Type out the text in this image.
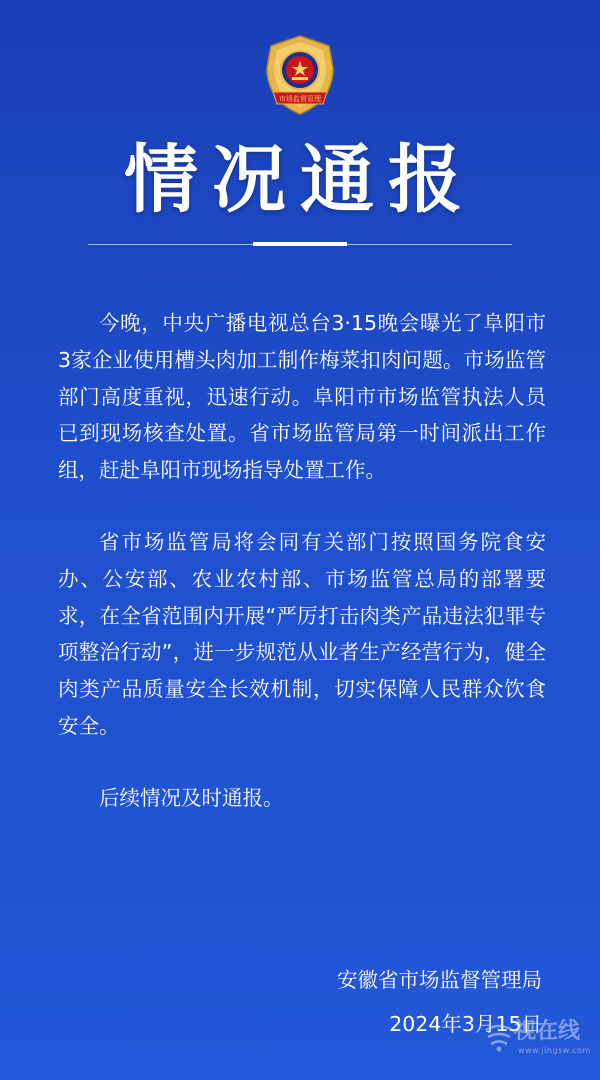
市场监督管理
情况通报

今晚，中央广播电视总台3·15晚会曝光了阜阳市3家企业使用槽头肉加工制作梅菜扣肉问题。市场监管部门高度重视，迅速行动。阜阳市市场监管执法人员已到现场核查处置。省市场监管局第一时间派出工作组，赶赴阜阳市现场指导处置工作。

省市场监管局将会同有关部门按照国务院食安办、公安部、农业农村部、市场监管总局的部署要求，在全省范围内开展“严厉打击肉类产品违法犯罪专项整治行动”，进一步规范从业者生产经营行为，健全肉类产品质量安全长效机制，切实保障人民群众饮食安全。

后续情况及时通报。

安徽省市场监督管理局
2024年3月15日
视在线
www.jingsw.com
